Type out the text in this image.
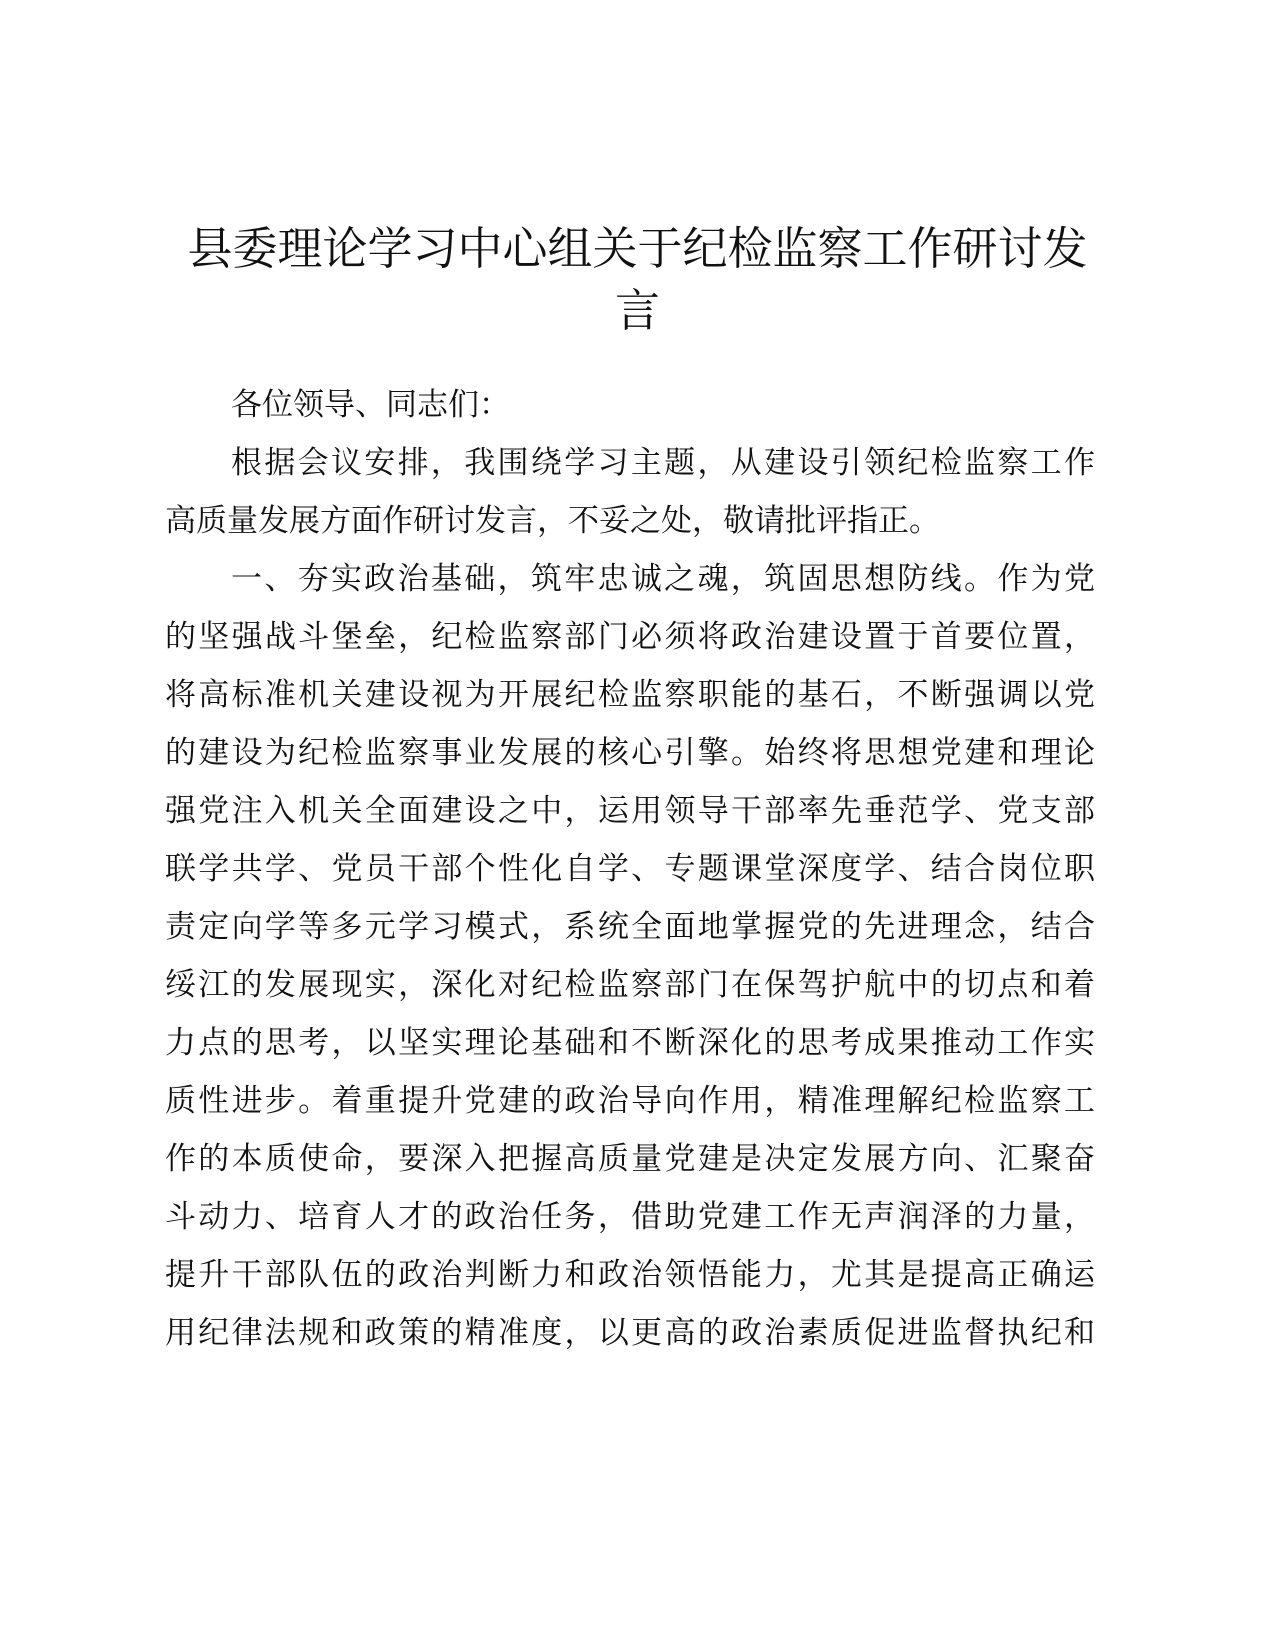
县委理论学习中心组关于纪检监察工作研讨发
言
各位领导、同志们：
根据会议安排，我围绕学习主题，从建设引领纪检监察工作
高质量发展方面作研讨发言，不妥之处，敬请批评指正。
一、夯实政治基础，筑牢忠诚之魂，筑固思想防线。作为党
的坚强战斗堡垒，纪检监察部门必须将政治建设置于首要位置，
将高标准机关建设视为开展纪检监察职能的基石，不断强调以党
的建设为纪检监察事业发展的核心引擎。始终将思想党建和理论
强党注入机关全面建设之中，运用领导干部率先垂范学、党支部
联学共学、党员干部个性化自学、专题课堂深度学、结合岗位职
责定向学等多元学习模式，系统全面地掌握党的先进理念，结合
绥江的发展现实，深化对纪检监察部门在保驾护航中的切点和着
力点的思考，以坚实理论基础和不断深化的思考成果推动工作实
质性进步。着重提升党建的政治导向作用，精准理解纪检监察工
作的本质使命，要深入把握高质量党建是决定发展方向、汇聚奋
斗动力、培育人才的政治任务，借助党建工作无声润泽的力量，
提升干部队伍的政治判断力和政治领悟能力，尤其是提高正确运
用纪律法规和政策的精准度，以更高的政治素质促进监督执纪和
